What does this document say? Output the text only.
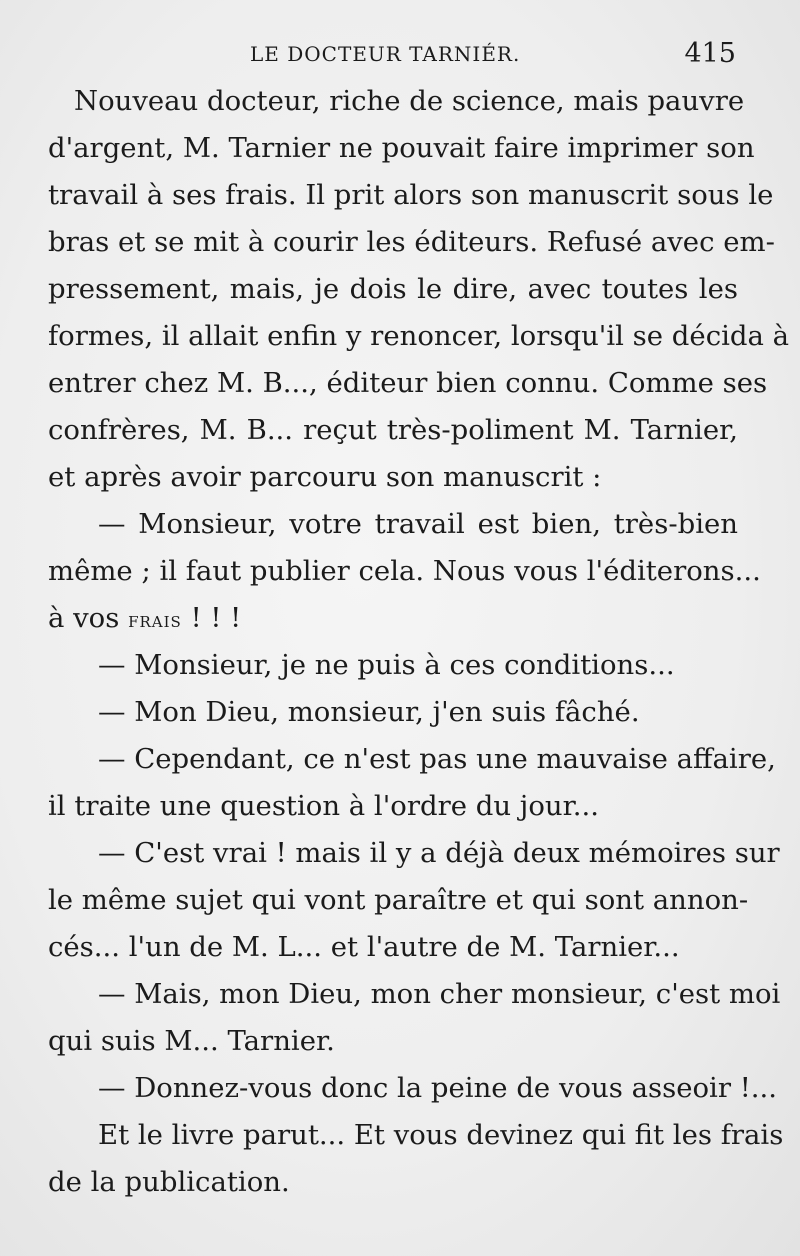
LE DOCTEUR TARNIÉR.	415
Nouveau docteur, riche de science, mais pauvre
d'argent, M. Tarnier ne pouvait faire imprimer son
travail à ses frais. Il prit alors son manuscrit sous le
bras et se mit à courir les éditeurs. Refusé avec em-
pressement, mais, je dois le dire, avec toutes les
formes, il allait enfin y renoncer, lorsqu'il se décida à
entrer chez M. B..., éditeur bien connu. Comme ses
confrères, M. B... reçut très-poliment M. Tarnier,
et après avoir parcouru son manuscrit :
— Monsieur, votre travail est bien, très-bien
même ; il faut publier cela. Nous vous l'éditerons...
à vos frais ! ! !
— Monsieur, je ne puis à ces conditions...
— Mon Dieu, monsieur, j'en suis fâché.
— Cependant, ce n'est pas une mauvaise affaire,
il traite une question à l'ordre du jour...
— C'est vrai ! mais il y a déjà deux mémoires sur
le même sujet qui vont paraître et qui sont annon-
cés... l'un de M. L... et l'autre de M. Tarnier...
— Mais, mon Dieu, mon cher monsieur, c'est moi
qui suis M... Tarnier.
— Donnez-vous donc la peine de vous asseoir !...
Et le livre parut... Et vous devinez qui fit les frais
de la publication.
